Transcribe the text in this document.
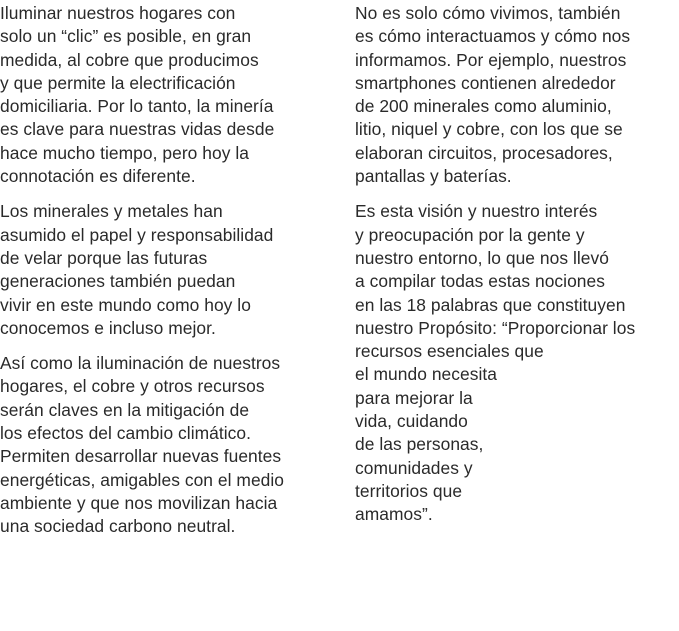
Iluminar nuestros hogares con
solo un “clic” es posible, en gran
medida, al cobre que producimos
y que permite la electrificación
domiciliaria. Por lo tanto, la minería
es clave para nuestras vidas desde
hace mucho tiempo, pero hoy la
connotación es diferente.

Los minerales y metales han
asumido el papel y responsabilidad
de velar porque las futuras
generaciones también puedan
vivir en este mundo como hoy lo
conocemos e incluso mejor.

Así como la iluminación de nuestros
hogares, el cobre y otros recursos
serán claves en la mitigación de
los efectos del cambio climático.
Permiten desarrollar nuevas fuentes
energéticas, amigables con el medio
ambiente y que nos movilizan hacia
una sociedad carbono neutral.

No es solo cómo vivimos, también
es cómo interactuamos y cómo nos
informamos. Por ejemplo, nuestros
smartphones contienen alrededor
de 200 minerales como aluminio,
litio, niquel y cobre, con los que se
elaboran circuitos, procesadores,
pantallas y baterías.

Es esta visión y nuestro interés
y preocupación por la gente y
nuestro entorno, lo que nos llevó
a compilar todas estas nociones
en las 18 palabras que constituyen
nuestro Propósito: “Proporcionar los
recursos esenciales que
el mundo necesita
para mejorar la
vida, cuidando
de las personas,
comunidades y
territorios que
amamos”.
